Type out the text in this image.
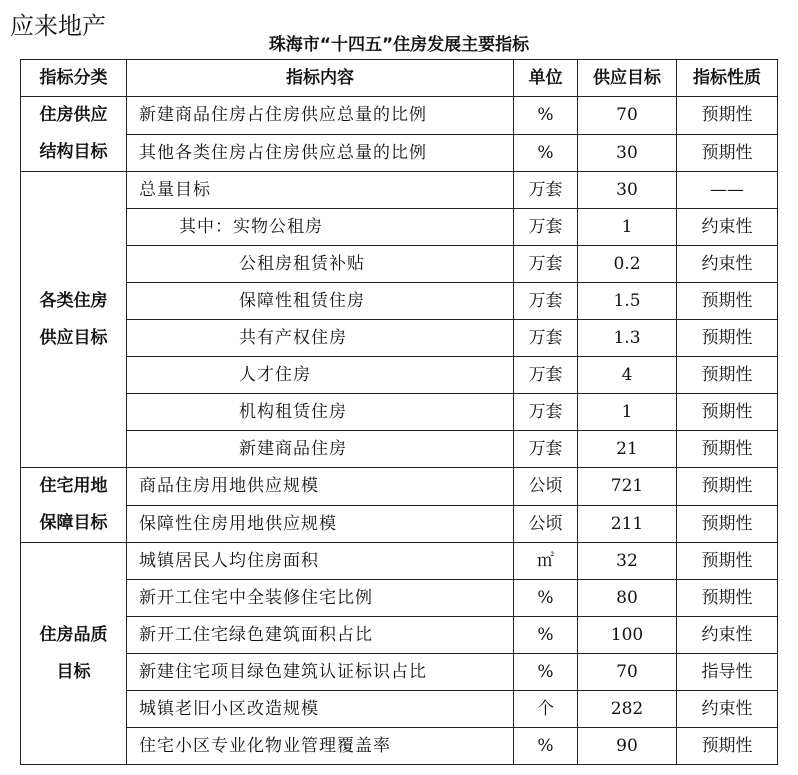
应来地产
珠海市“十四五”住房发展主要指标
指标分类	指标内容	单位	供应目标	指标性质

住房供应
结构目标	新建商品住房占住房供应总量的比例	%	70	预期性
	其他各类住房占住房供应总量的比例	%	30	预期性

各类住房
供应目标	总量目标	万套	30	——
	其中：实物公租房	万套	1	约束性
	公租房租赁补贴	万套	0.2	约束性
	保障性租赁住房	万套	1.5	预期性
	共有产权住房	万套	1.3	预期性
	人才住房	万套	4	预期性
	机构租赁住房	万套	1	预期性
	新建商品住房	万套	21	预期性

住宅用地
保障目标	商品住房用地供应规模	公顷	721	预期性
	保障性住房用地供应规模	公顷	211	预期性

住房品质
目标	城镇居民人均住房面积	㎡	32	预期性
	新开工住宅中全装修住宅比例	%	80	预期性
	新开工住宅绿色建筑面积占比	%	100	约束性
	新建住宅项目绿色建筑认证标识占比	%	70	指导性
	城镇老旧小区改造规模	个	282	约束性
	住宅小区专业化物业管理覆盖率	%	90	预期性
